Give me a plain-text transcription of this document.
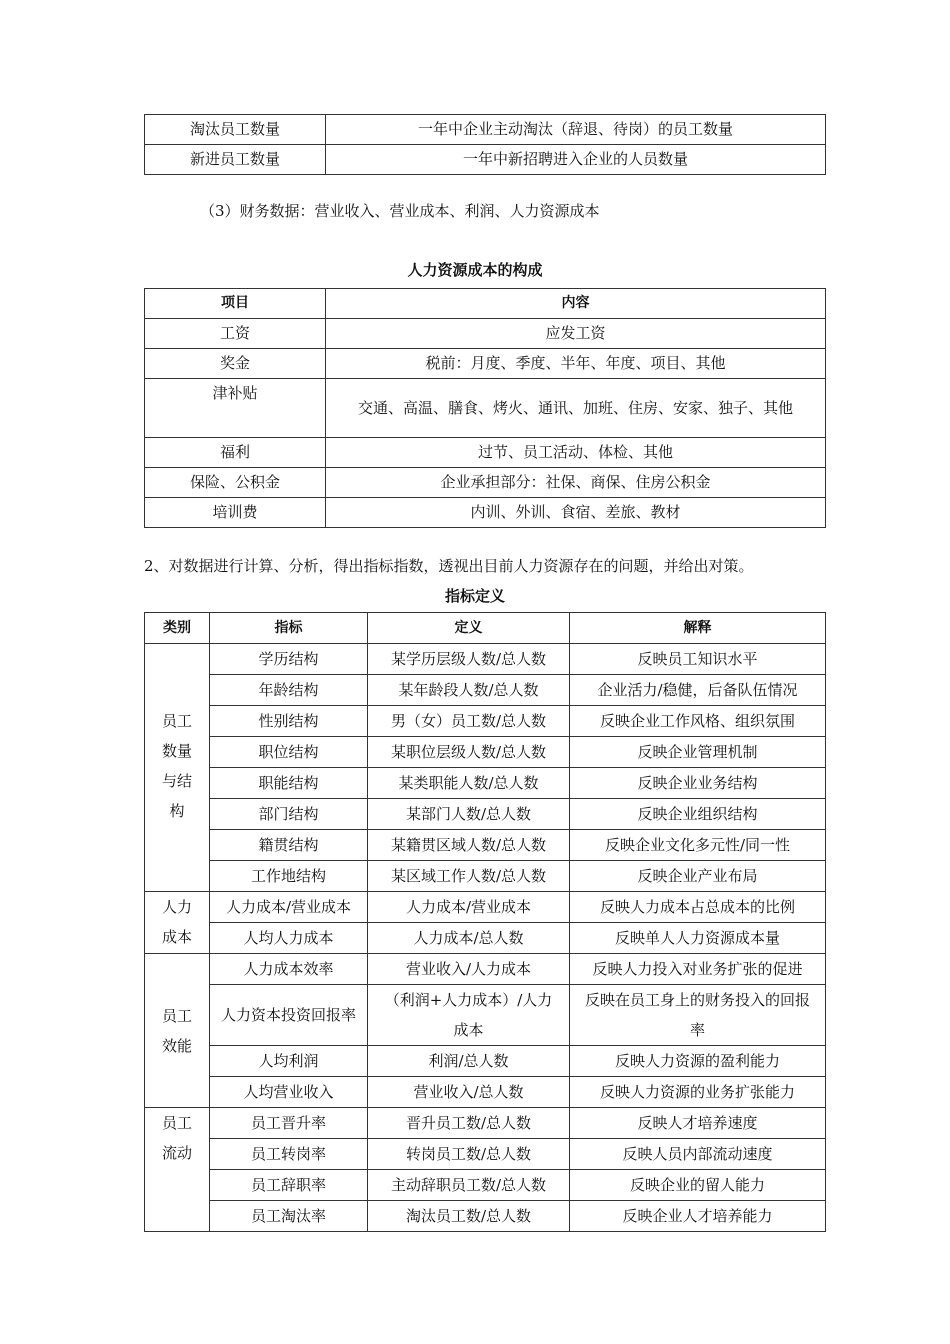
淘汰员工数量	一年中企业主动淘汰（辞退、待岗）的员工数量
新进员工数量	一年中新招聘进入企业的人员数量
（3）财务数据：营业收入、营业成本、利润、人力资源成本
人力资源成本的构成
项目	内容
工资	应发工资
奖金	税前：月度、季度、半年、年度、项目、其他
津补贴	交通、高温、膳食、烤火、通讯、加班、住房、安家、独子、其他
福利	过节、员工活动、体检、其他
保险、公积金	企业承担部分：社保、商保、住房公积金
培训费	内训、外训、食宿、差旅、教材
2、对数据进行计算、分析，得出指标指数，透视出目前人力资源存在的问题，并给出对策。
指标定义
类别	指标	定义	解释
员工数量与结构	学历结构	某学历层级人数/总人数	反映员工知识水平
	年龄结构	某年龄段人数/总人数	企业活力/稳健，后备队伍情况
	性别结构	男（女）员工数/总人数	反映企业工作风格、组织氛围
	职位结构	某职位层级人数/总人数	反映企业管理机制
	职能结构	某类职能人数/总人数	反映企业业务结构
	部门结构	某部门人数/总人数	反映企业组织结构
	籍贯结构	某籍贯区域人数/总人数	反映企业文化多元性/同一性
	工作地结构	某区域工作人数/总人数	反映企业产业布局
人力成本	人力成本/营业成本	人力成本/营业成本	反映人力成本占总成本的比例
	人均人力成本	人力成本/总人数	反映单人人力资源成本量
员工效能	人力成本效率	营业收入/人力成本	反映人力投入对业务扩张的促进
	人力资本投资回报率	（利润+人力成本）/人力成本	反映在员工身上的财务投入的回报率
	人均利润	利润/总人数	反映人力资源的盈利能力
	人均营业收入	营业收入/总人数	反映人力资源的业务扩张能力
员工流动	员工晋升率	晋升员工数/总人数	反映人才培养速度
	员工转岗率	转岗员工数/总人数	反映人员内部流动速度
	员工辞职率	主动辞职员工数/总人数	反映企业的留人能力
	员工淘汰率	淘汰员工数/总人数	反映企业人才培养能力
